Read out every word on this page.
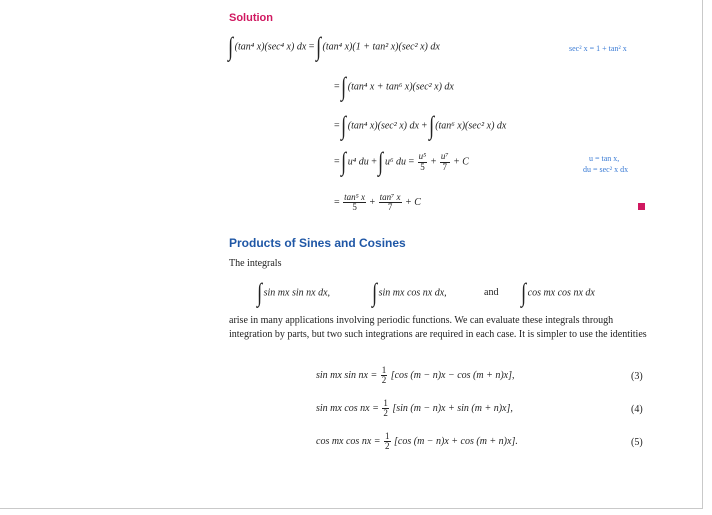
Solution
∫ (tan⁴ x)(sec⁴ x) dx = ∫ (tan⁴ x)(1 + tan² x)(sec² x) dx	sec² x = 1 + tan² x
= ∫ (tan⁴ x + tan⁶ x)(sec² x) dx
= ∫ (tan⁴ x)(sec² x) dx + ∫ (tan⁶ x)(sec² x) dx
= ∫ u⁴ du + ∫ u⁶ du = $\frac{\text{u⁵}}{5} + \frac{\text{u⁷}}{7} + C$	u = tan x,
du = sec² x dx
= $\frac{\text{tan⁵ x}}{5} + \frac{\text{tan⁷ x}}{7} + C$
Products of Sines and Cosines
The integrals
∫ sin mx sin nx dx, ∫ sin mx cos nx dx,	and ∫ cos mx cos nx dx
arise in many applications involving periodic functions. We can evaluate these integrals through integration by parts, but two such integrations are required in each case. It is simpler to use the identities
sin mx sin nx = $\frac{1}{2} [\cos$ (m − n)x − cos (m + n)x],	(3)
sin mx cos nx = $\frac{1}{2} [\sin$ (m − n)x + sin (m + n)x],	(4)
cos mx cos nx = $\frac{1}{2} [\cos$ (m − n)x + cos (m + n)x].	(5)
